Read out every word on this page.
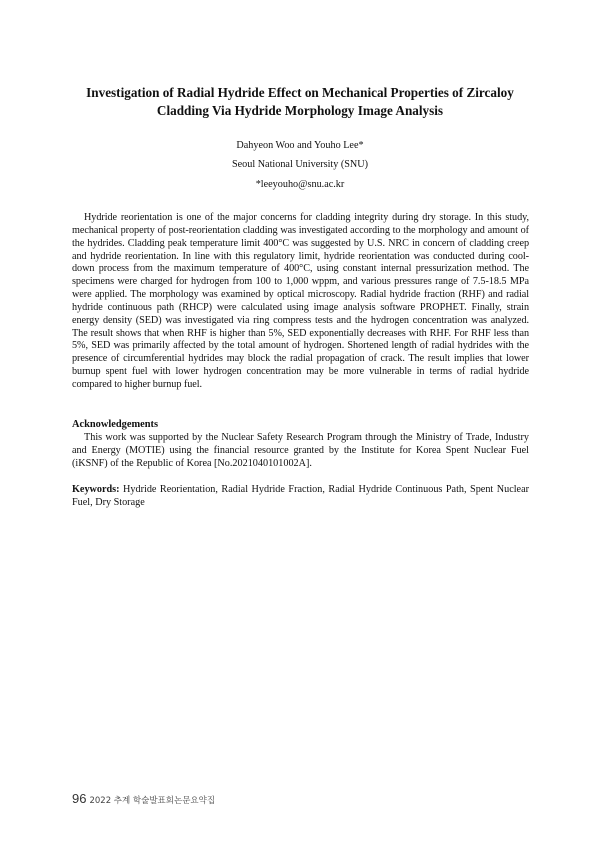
Investigation of Radial Hydride Effect on Mechanical Properties of Zircaloy
Cladding Via Hydride Morphology Image Analysis

Dahyeon Woo and Youho Lee*

Seoul National University (SNU)

*leeyouho@snu.ac.kr

Hydride reorientation is one of the major concerns for cladding integrity during dry storage. In this study, mechanical property of post-reorientation cladding was investigated according to the morphology and amount of the hydrides. Cladding peak temperature limit 400°C was suggested by U.S. NRC in concern of cladding creep and hydride reorientation. In line with this regulatory limit, hydride reorientation was conducted during cool-down process from the maximum temperature of 400°C, using constant internal pressurization method. The specimens were charged for hydrogen from 100 to 1,000 wppm, and various pressures range of 7.5-18.5 MPa were applied. The morphology was examined by optical microscopy. Radial hydride fraction (RHF) and radial hydride continuous path (RHCP) were calculated using image analysis software PROPHET. Finally, strain energy density (SED) was investigated via ring compress tests and the hydrogen concentration was analyzed. The result shows that when RHF is higher than 5%, SED exponentially decreases with RHF. For RHF less than 5%, SED was primarily affected by the total amount of hydrogen. Shortened length of radial hydrides with the presence of circumferential hydrides may block the radial propagation of crack. The result implies that lower burnup spent fuel with lower hydrogen concentration may be more vulnerable in terms of radial hydride compared to higher burnup fuel.

Acknowledgements

This work was supported by the Nuclear Safety Research Program through the Ministry of Trade, Industry and Energy (MOTIE) using the financial resource granted by the Institute for Korea Spent Nuclear Fuel (iKSNF) of the Republic of Korea [No.2021040101002A].

Keywords: Hydride Reorientation, Radial Hydride Fraction, Radial Hydride Continuous Path, Spent Nuclear Fuel, Dry Storage

96 2022 추계 학술발표회논문요약집
